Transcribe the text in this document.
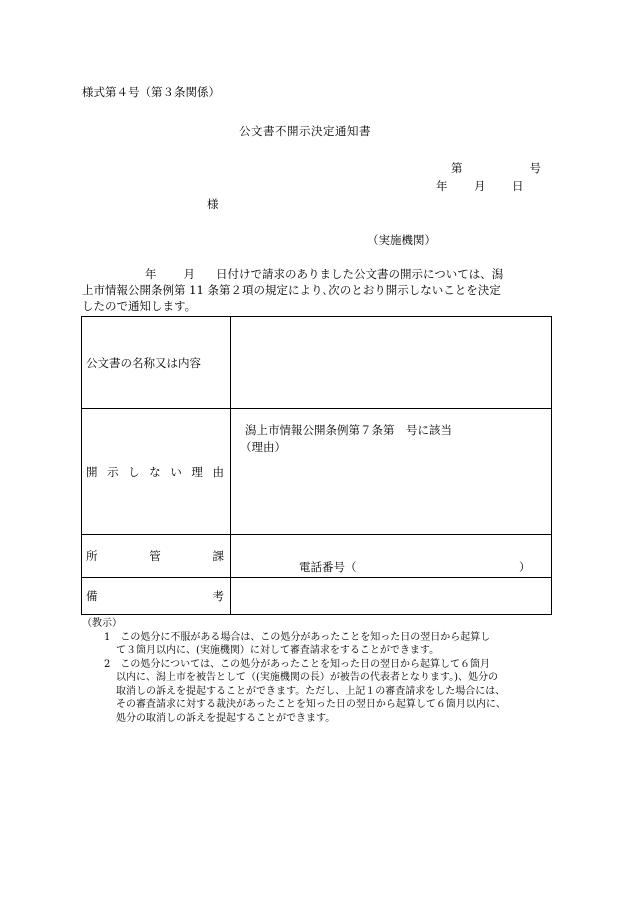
様式第４号（第３条関係）
公文書不開示決定通知書
第	号
年 月 日
様
（実施機関）
年 月 日付けで請求のありました公文書の開示については、潟
上市情報公開条例第 11 条第２項の規定により､次のとおり開示しないことを決定
したので通知します。
公文書の名称又は内容	
開示しない理由	潟上市情報公開条例第７条第　号に該当
（理由）

所管課	電話番号（ ）

備考	
（教示）
1　この処分に不服がある場合は、この処分があったことを知った日の翌日から起算し
て３箇月以内に、(実施機関）に対して審査請求をすることができます。
2　この処分については、この処分があったことを知った日の翌日から起算して６箇月
以内に、潟上市を被告として（(実施機関の長）が被告の代表者となります。)、処分の
取消しの訴えを提起することができます。ただし、上記１の審査請求をした場合には、
その審査請求に対する裁決があったことを知った日の翌日から起算して６箇月以内に、
処分の取消しの訴えを提起することができます。
